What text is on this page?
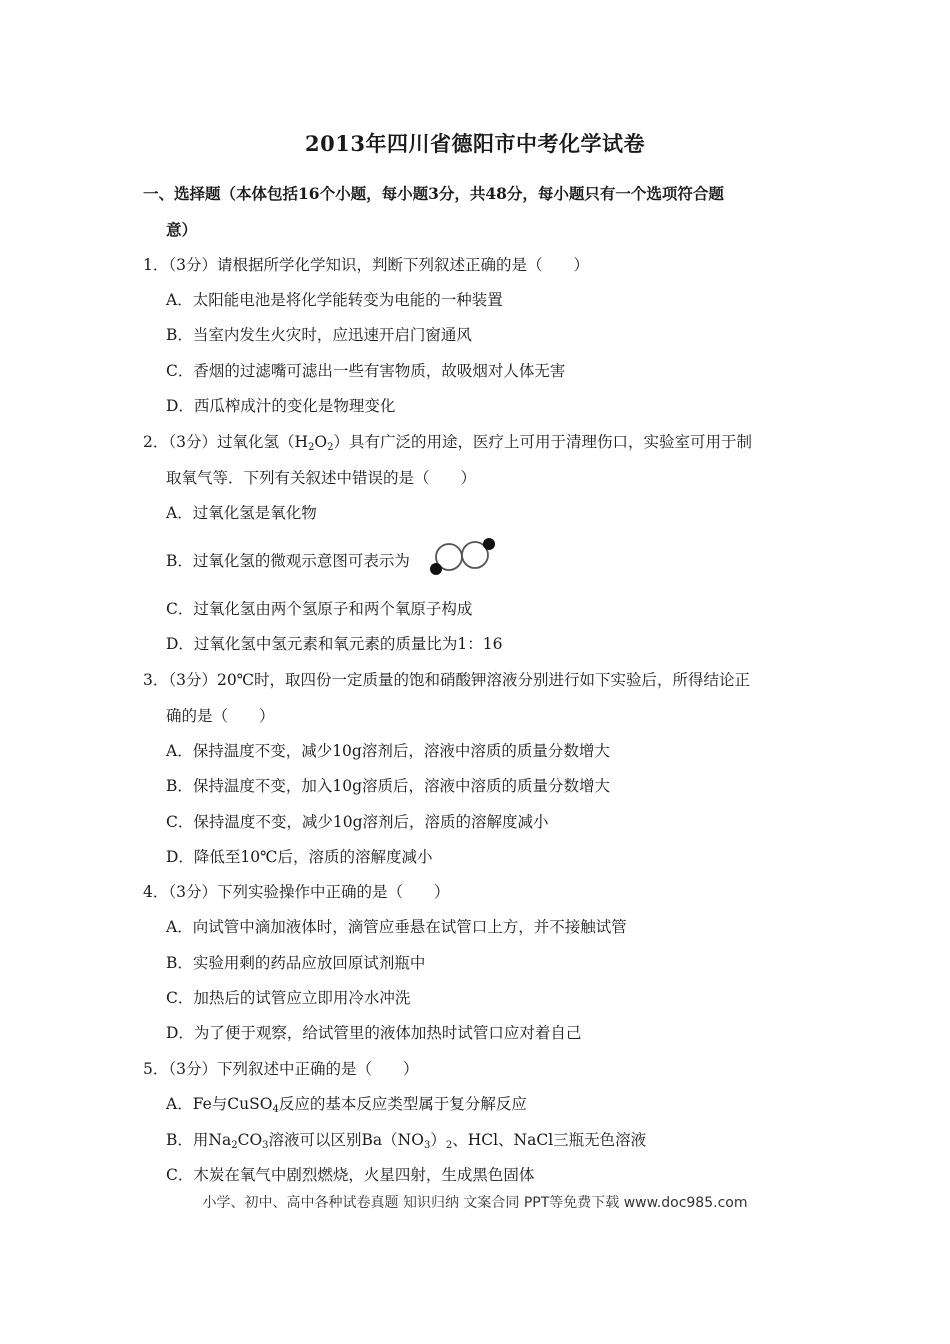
2013年四川省德阳市中考化学试卷
一、选择题（本体包括16个小题，每小题3分，共48分，每小题只有一个选项符合题
意）
1．（3分）请根据所学化学知识，判断下列叙述正确的是（　　）
A．太阳能电池是将化学能转变为电能的一种装置
B．当室内发生火灾时，应迅速开启门窗通风
C．香烟的过滤嘴可滤出一些有害物质，故吸烟对人体无害
D．西瓜榨成汁的变化是物理变化
2．（3分）过氧化氢$(H_2O_2)$具有广泛的用途，医疗上可用于清理伤口，实验室可用于制
取氧气等．下列有关叙述中错误的是（　　）
A．过氧化氢是氧化物
B．过氧化氢的微观示意图可表示为
C．过氧化氢由两个氢原子和两个氧原子构成
D．过氧化氢中氢元素和氧元素的质量比为1：16
3．（3分）20℃时，取四份一定质量的饱和硝酸钾溶液分别进行如下实验后，所得结论正
确的是（　　）
A．保持温度不变，减少10g溶剂后，溶液中溶质的质量分数增大
B．保持温度不变，加入10g溶质后，溶液中溶质的质量分数增大
C．保持温度不变，减少10g溶剂后，溶质的溶解度减小
D．降低至10℃后，溶质的溶解度减小
4．（3分）下列实验操作中正确的是（　　）
A．向试管中滴加液体时，滴管应垂悬在试管口上方，并不接触试管
B．实验用剩的药品应放回原试剂瓶中
C．加热后的试管应立即用冷水冲洗
D．为了便于观察，给试管里的液体加热时试管口应对着自己
5．（3分）下列叙述中正确的是（　　）
A．Fe与CuSO$_4$反应的基本反应类型属于复分解反应
B．用$Na_2CO_3$溶液可以区别$Ba(NO_3)_2$、HCl、NaCl三瓶无色溶液
C．木炭在氧气中剧烈燃烧，火星四射，生成黑色固体
小学、初中、高中各种试卷真题 知识归纳 文案合同 PPT等免费下载 www.doc985.com
